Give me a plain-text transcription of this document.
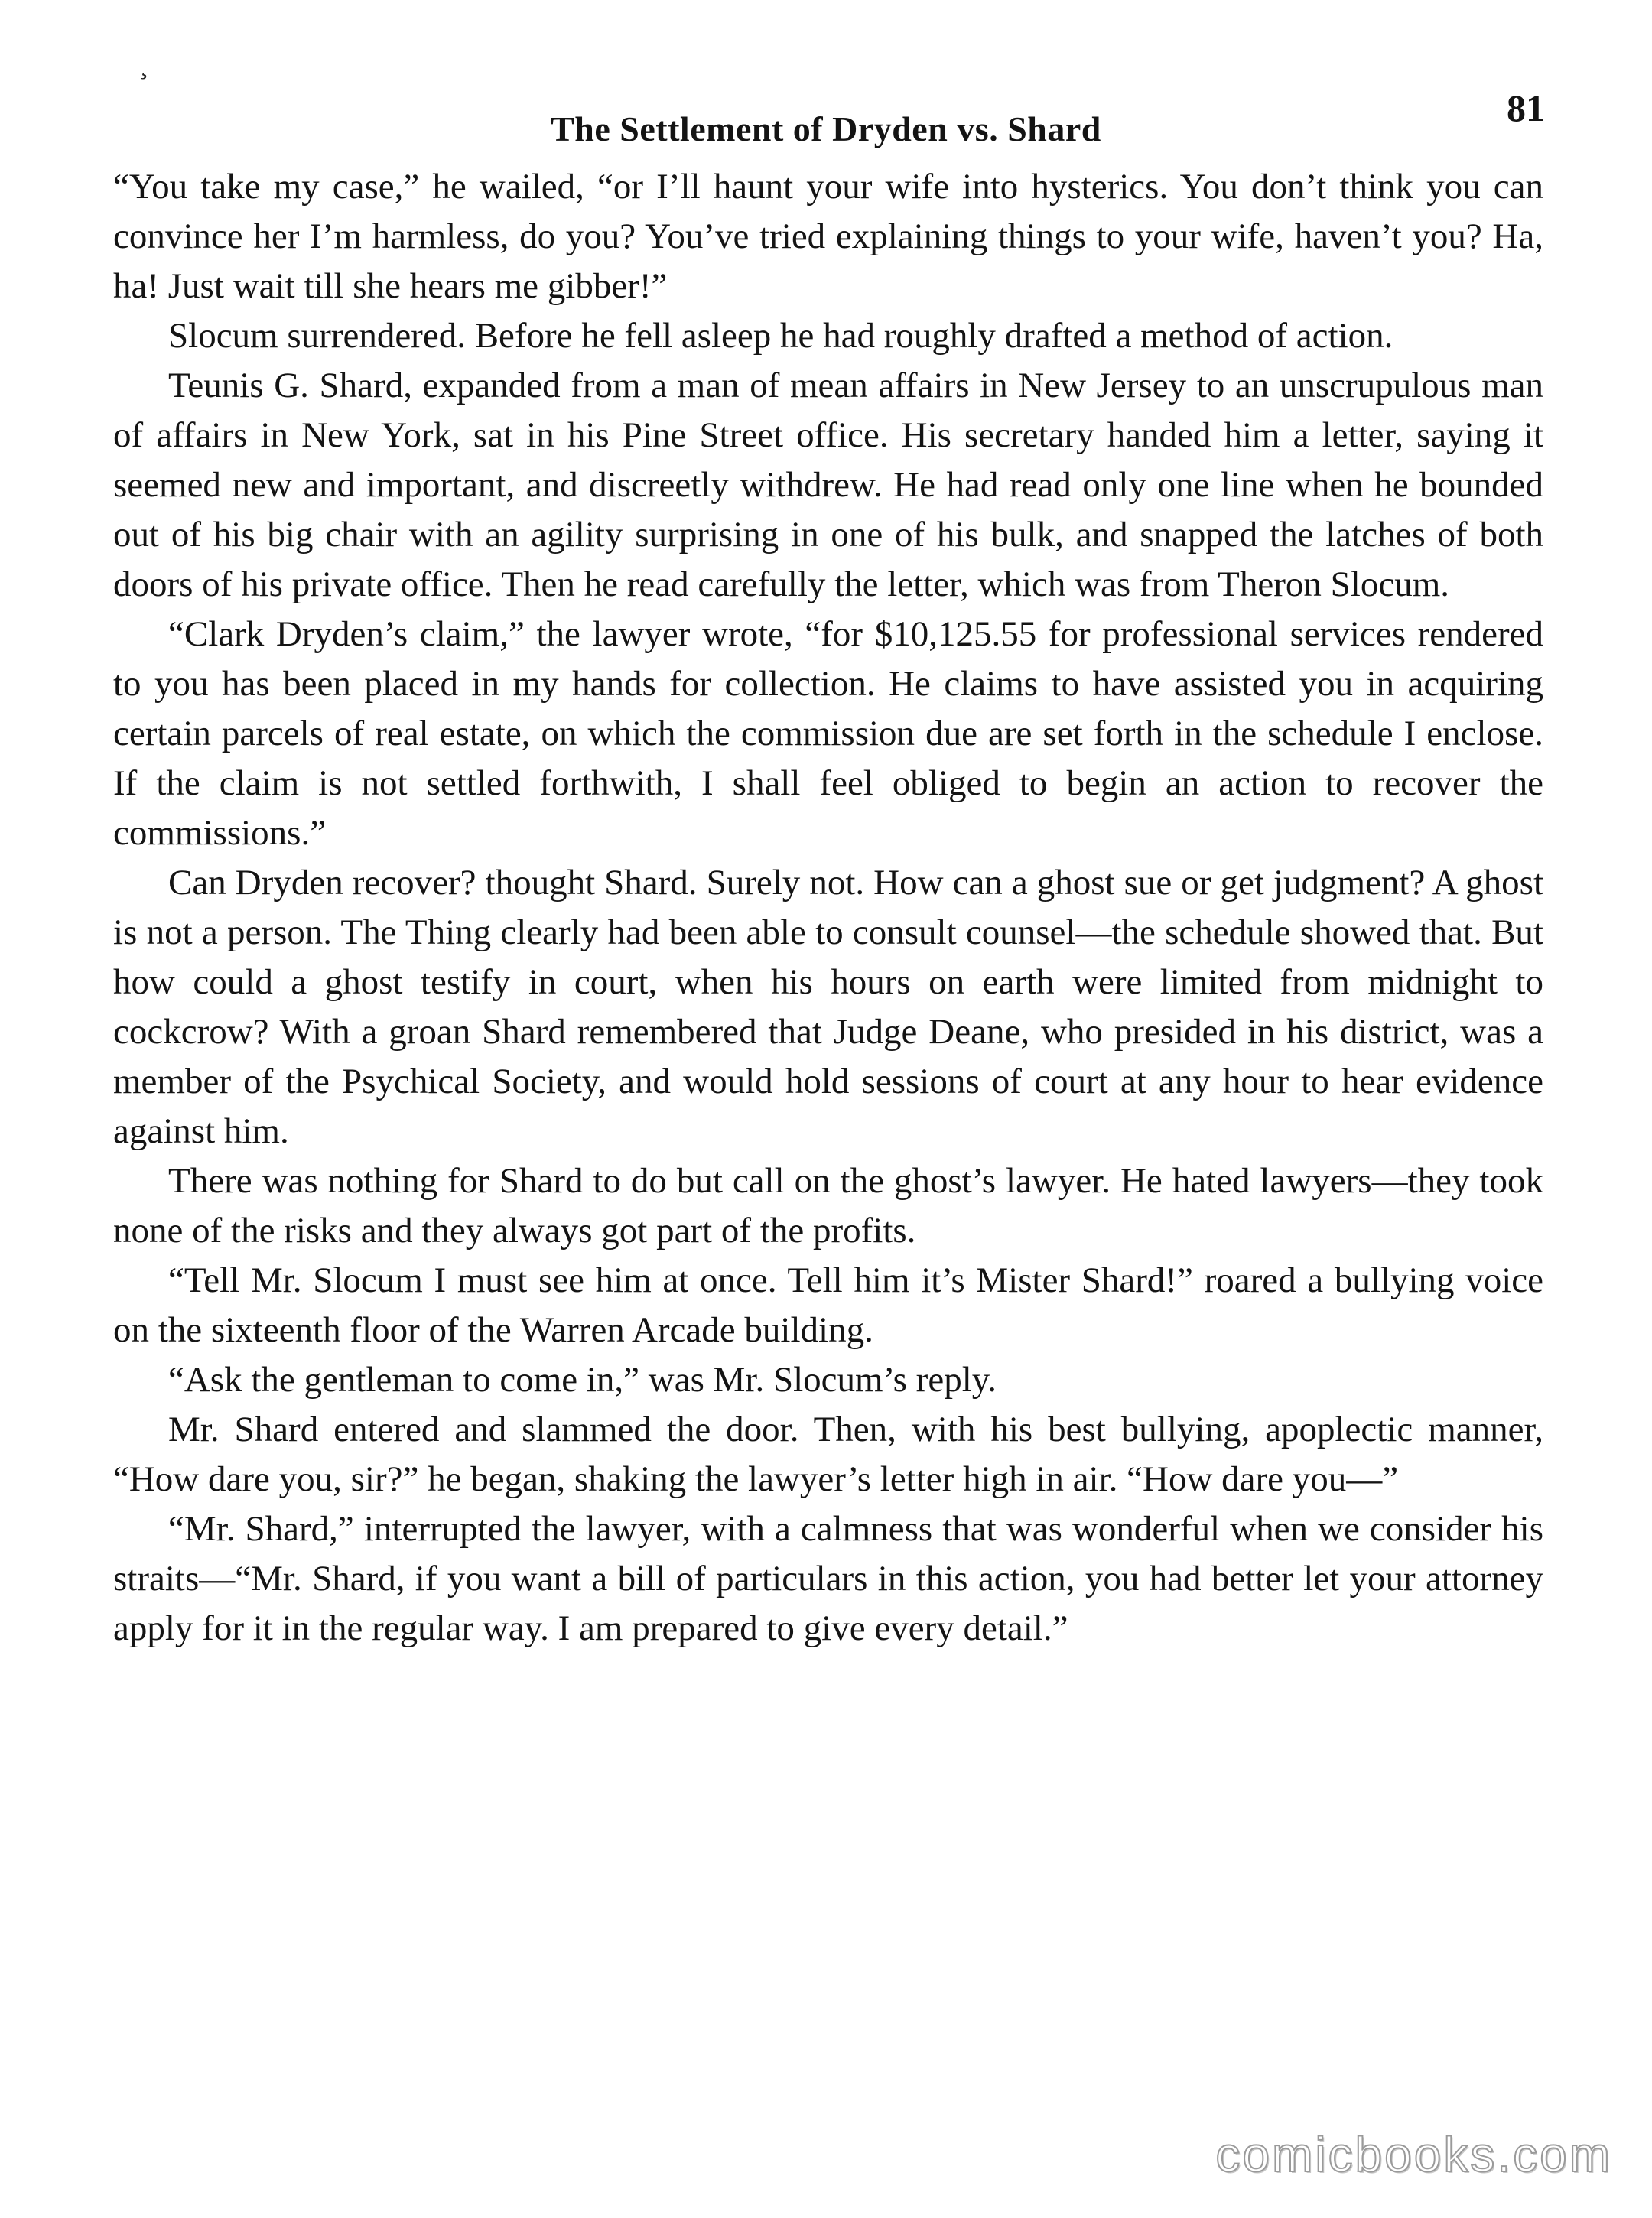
¸
The Settlement of Dryden vs. Shard	81

“You take my case,” he wailed, “or I’ll haunt your wife into hysterics. You don’t think you can convince her I’m harmless, do you? You’ve tried explaining things to your wife, haven’t you? Ha, ha! Just wait till she hears me gibber!”

Slocum surrendered. Before he fell asleep he had roughly drafted a method of action.

Teunis G. Shard, expanded from a man of mean affairs in New Jersey to an unscrupulous man of affairs in New York, sat in his Pine Street office. His secretary handed him a letter, saying it seemed new and important, and discreetly withdrew. He had read only one line when he bounded out of his big chair with an agility surprising in one of his bulk, and snapped the latches of both doors of his private office. Then he read carefully the letter, which was from Theron Slocum.

“Clark Dryden’s claim,” the lawyer wrote, “for $10,125.55 for professional services rendered to you has been placed in my hands for collection. He claims to have assisted you in acquiring certain parcels of real estate, on which the commission due are set forth in the schedule I enclose. If the claim is not settled forthwith, I shall feel obliged to begin an action to recover the commissions.”

Can Dryden recover? thought Shard. Surely not. How can a ghost sue or get judgment? A ghost is not a person. The Thing clearly had been able to consult counsel—the schedule showed that. But how could a ghost testify in court, when his hours on earth were limited from midnight to cockcrow? With a groan Shard remembered that Judge Deane, who presided in his district, was a member of the Psychical Society, and would hold sessions of court at any hour to hear evidence against him.

There was nothing for Shard to do but call on the ghost’s lawyer. He hated lawyers—they took none of the risks and they always got part of the profits.

“Tell Mr. Slocum I must see him at once. Tell him it’s Mister Shard!” roared a bullying voice on the sixteenth floor of the Warren Arcade building.

“Ask the gentleman to come in,” was Mr. Slocum’s reply.

Mr. Shard entered and slammed the door. Then, with his best bullying, apoplectic manner, “How dare you, sir?” he began, shaking the lawyer’s letter high in air. “How dare you—”

“Mr. Shard,” interrupted the lawyer, with a calmness that was wonderful when we consider his straits—“Mr. Shard, if you want a bill of particulars in this action, you had better let your attorney apply for it in the regular way. I am prepared to give every detail.”

comicbooks.com
